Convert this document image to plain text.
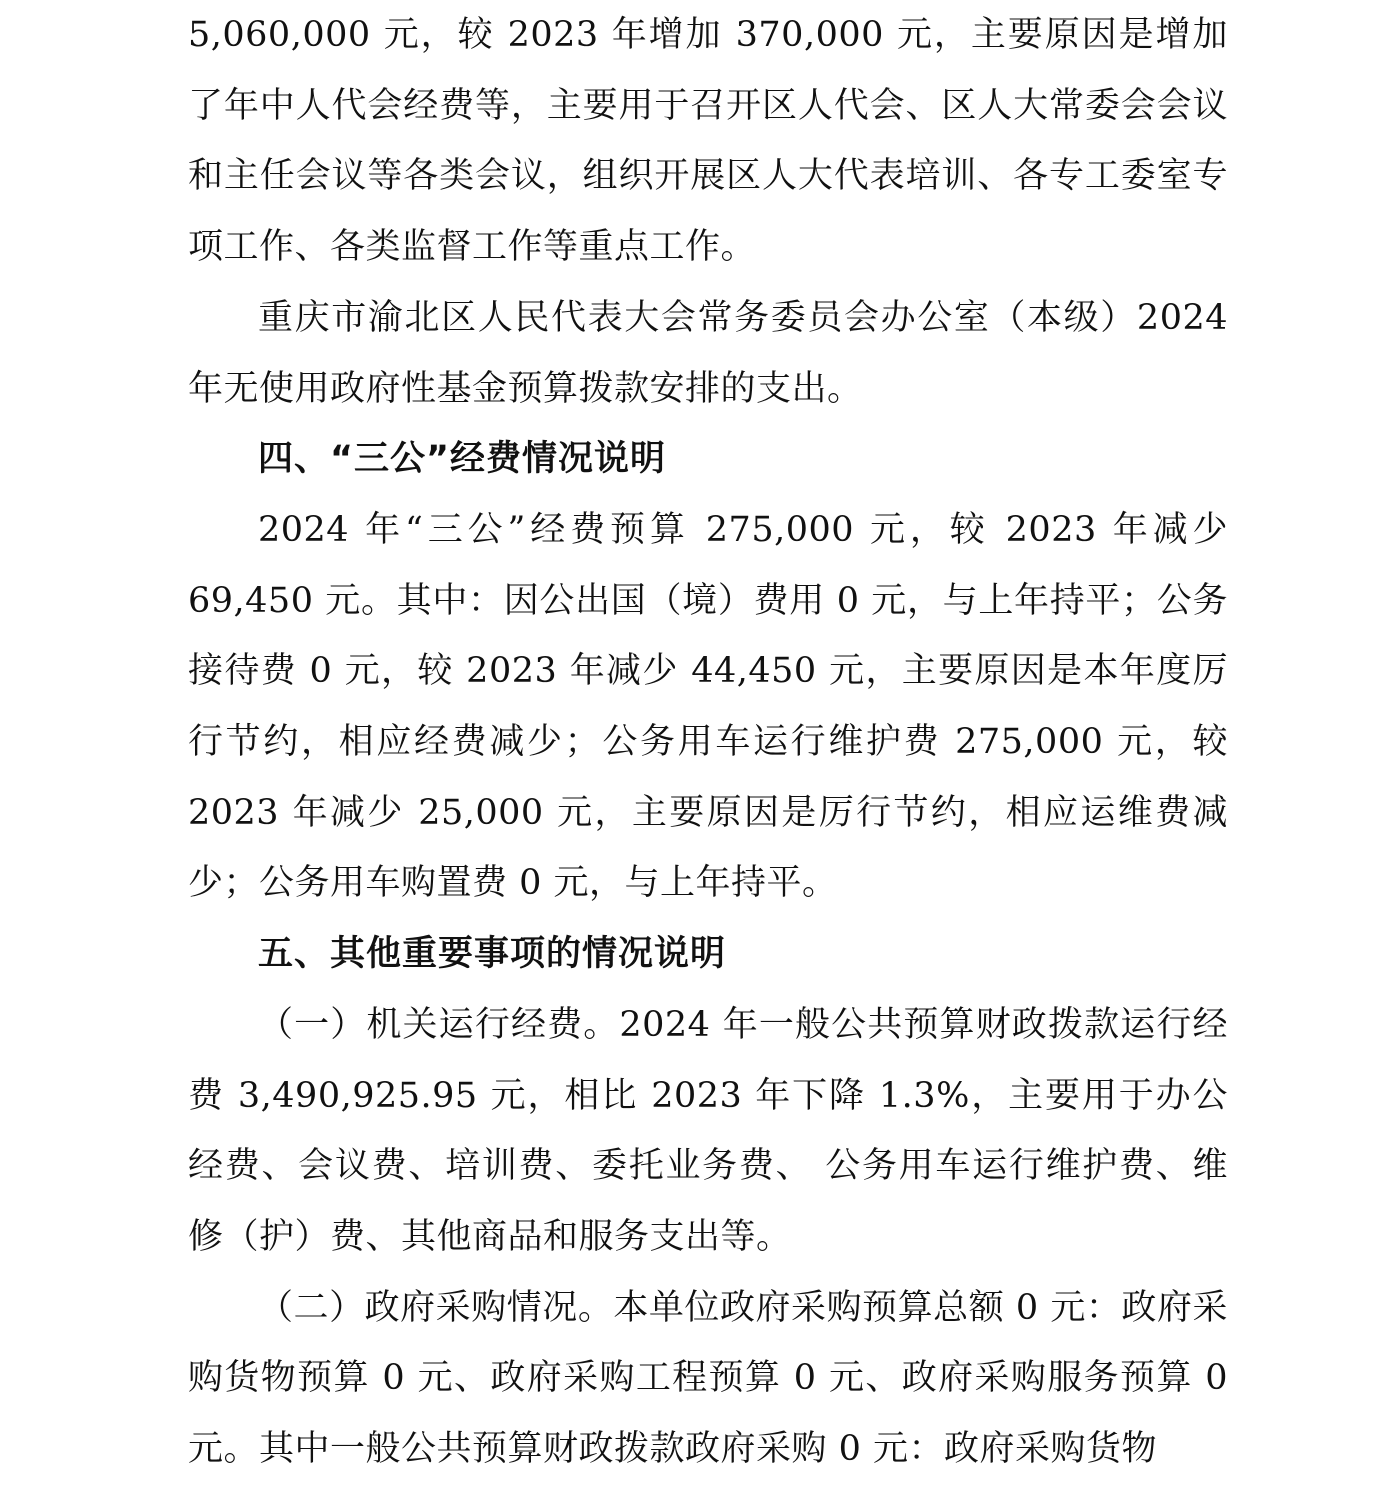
5,060,000 元，较 2023 年增加 370,000 元，主要原因是增加了年中人代会经费等，主要用于召开区人代会、区人大常委会会议和主任会议等各类会议，组织开展区人大代表培训、各专工委室专项工作、各类监督工作等重点工作。

重庆市渝北区人民代表大会常务委员会办公室（本级）2024 年无使用政府性基金预算拨款安排的支出。

四、“三公”经费情况说明

2024 年“三公”经费预算 275,000 元，较 2023 年减少 69,450 元。其中：因公出国（境）费用 0 元，与上年持平；公务接待费 0 元，较 2023 年减少 44,450 元，主要原因是本年度厉行节约，相应经费减少；公务用车运行维护费 275,000 元，较 2023 年减少 25,000 元，主要原因是厉行节约，相应运维费减少；公务用车购置费 0 元，与上年持平。

五、其他重要事项的情况说明

（一）机关运行经费。2024 年一般公共预算财政拨款运行经费 3,490,925.95 元，相比 2023 年下降 1.3%，主要用于办公经费、会议费、培训费、委托业务费、 公务用车运行维护费、维修（护）费、其他商品和服务支出等。

（二）政府采购情况。本单位政府采购预算总额 0 元：政府采购货物预算 0 元、政府采购工程预算 0 元、政府采购服务预算 0 元。其中一般公共预算财政拨款政府采购 0 元：政府采购货物
